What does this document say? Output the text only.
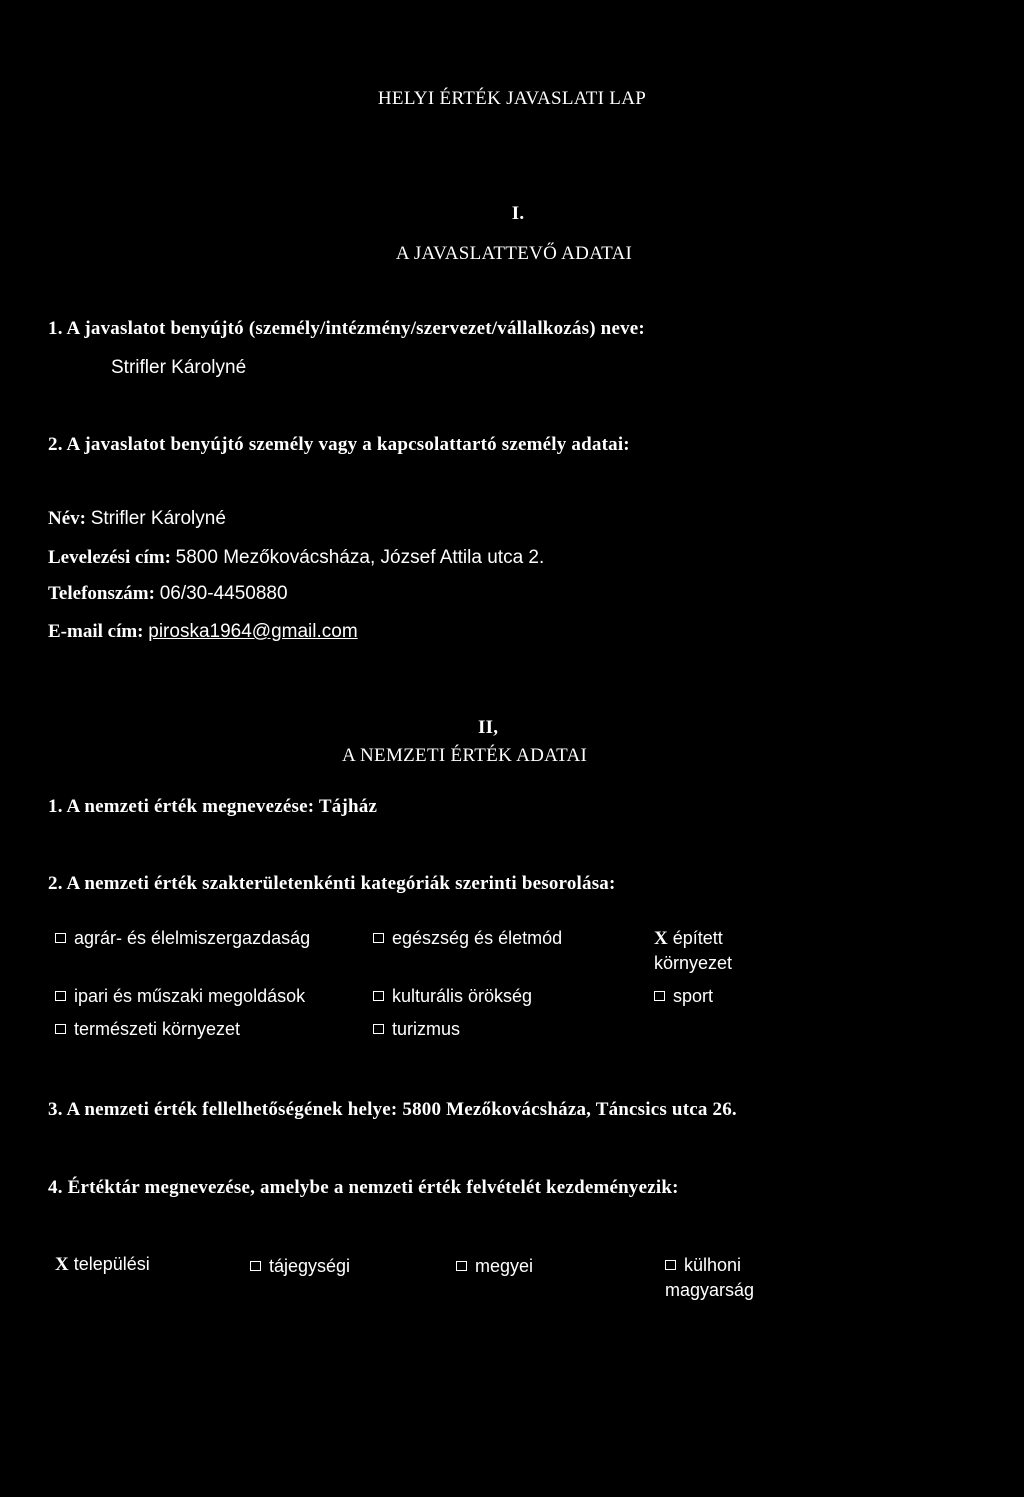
HELYI ÉRTÉK JAVASLATI LAP
I.
A JAVASLATTEVŐ ADATAI
1. A javaslatot benyújtó (személy/intézmény/szervezet/vállalkozás) neve:
Strifler Károlyné
2. A javaslatot benyújtó személy vagy a kapcsolattartó személy adatai:
Név: Strifler Károlyné
Levelezési cím: 5800 Mezőkovácsháza, József Attila utca 2.
Telefonszám: 06/30-4450880
E-mail cím: piroska1964@gmail.com
II,
A NEMZETI ÉRTÉK ADATAI
1. A nemzeti érték megnevezése: Tájház
2. A nemzeti érték szakterületenkénti kategóriák szerinti besorolása:
agrár- és élelmiszergazdaság	egészség és életmód	X épített környezet
ipari és műszaki megoldások	kulturális örökség	sport
természeti környezet	turizmus
3. A nemzeti érték fellelhetőségének helye: 5800 Mezőkovácsháza, Táncsics utca 26.
4. Értéktár megnevezése, amelybe a nemzeti érték felvételét kezdeményezik:
X települési	tájegységi	megyei	külhoni magyarság
